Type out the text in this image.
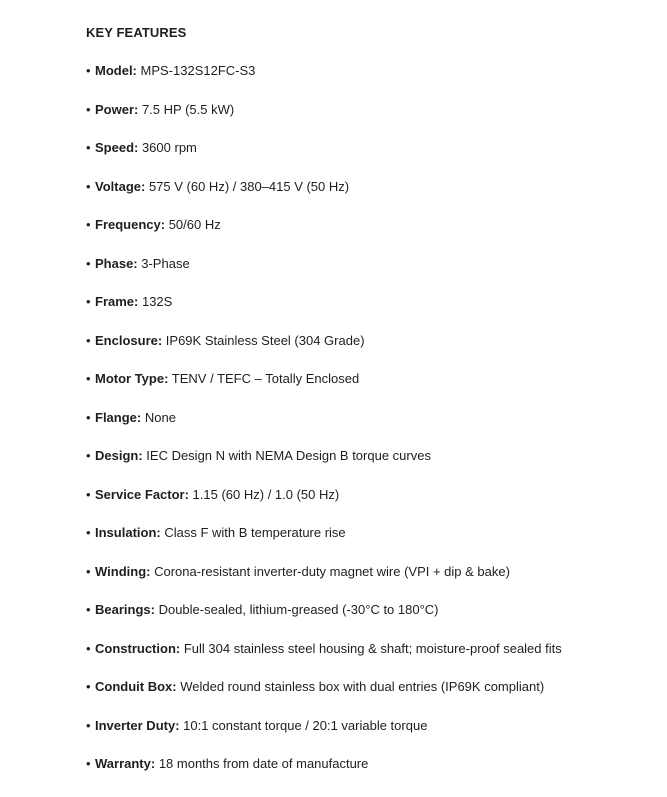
KEY FEATURES
• Model: MPS-132S12FC-S3
• Power: 7.5 HP (5.5 kW)
• Speed: 3600 rpm
• Voltage: 575 V (60 Hz) / 380–415 V (50 Hz)
• Frequency: 50/60 Hz
• Phase: 3-Phase
• Frame: 132S
• Enclosure: IP69K Stainless Steel (304 Grade)
• Motor Type: TENV / TEFC – Totally Enclosed
• Flange: None
• Design: IEC Design N with NEMA Design B torque curves
• Service Factor: 1.15 (60 Hz) / 1.0 (50 Hz)
• Insulation: Class F with B temperature rise
• Winding: Corona-resistant inverter-duty magnet wire (VPI + dip & bake)
• Bearings: Double-sealed, lithium-greased (-30°C to 180°C)
• Construction: Full 304 stainless steel housing & shaft; moisture-proof sealed fits
• Conduit Box: Welded round stainless box with dual entries (IP69K compliant)
• Inverter Duty: 10:1 constant torque / 20:1 variable torque
• Warranty: 18 months from date of manufacture
